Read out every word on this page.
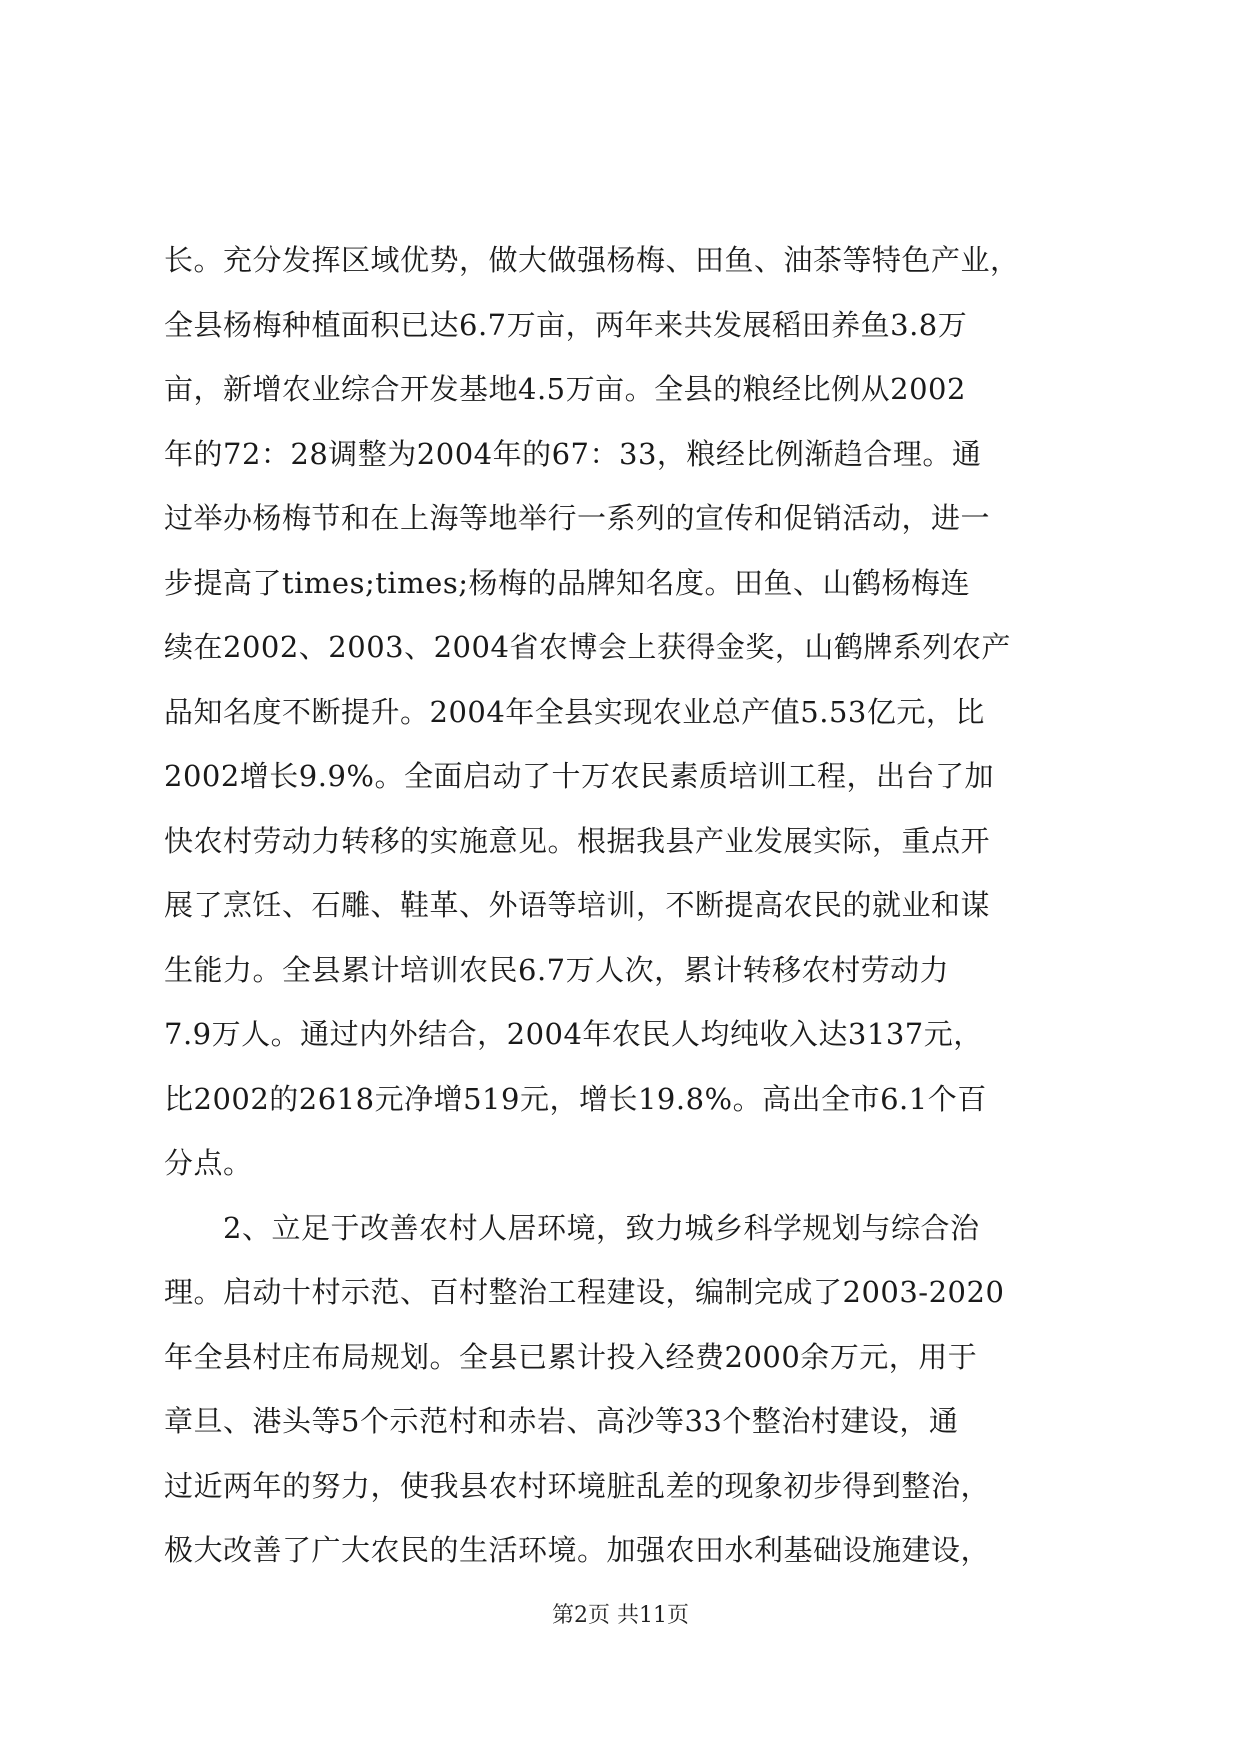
长。充分发挥区域优势，做大做强杨梅、田鱼、油茶等特色产业，
全县杨梅种植面积已达6.7万亩，两年来共发展稻田养鱼3.8万
亩，新增农业综合开发基地4.5万亩。全县的粮经比例从2002
年的72：28调整为2004年的67：33，粮经比例渐趋合理。通
过举办杨梅节和在上海等地举行一系列的宣传和促销活动，进一
步提高了times;times;杨梅的品牌知名度。田鱼、山鹤杨梅连
续在2002、2003、2004省农博会上获得金奖，山鹤牌系列农产
品知名度不断提升。2004年全县实现农业总产值5.53亿元，比
2002增长9.9%。全面启动了十万农民素质培训工程，出台了加
快农村劳动力转移的实施意见。根据我县产业发展实际，重点开
展了烹饪、石雕、鞋革、外语等培训，不断提高农民的就业和谋
生能力。全县累计培训农民6.7万人次，累计转移农村劳动力
7.9万人。通过内外结合，2004年农民人均纯收入达3137元，
比2002的2618元净增519元，增长19.8%。高出全市6.1个百
分点。
　　2、立足于改善农村人居环境，致力城乡科学规划与综合治
理。启动十村示范、百村整治工程建设，编制完成了2003-2020
年全县村庄布局规划。全县已累计投入经费2000余万元，用于
章旦、港头等5个示范村和赤岩、高沙等33个整治村建设，通
过近两年的努力，使我县农村环境脏乱差的现象初步得到整治，
极大改善了广大农民的生活环境。加强农田水利基础设施建设，
第2页 共11页
